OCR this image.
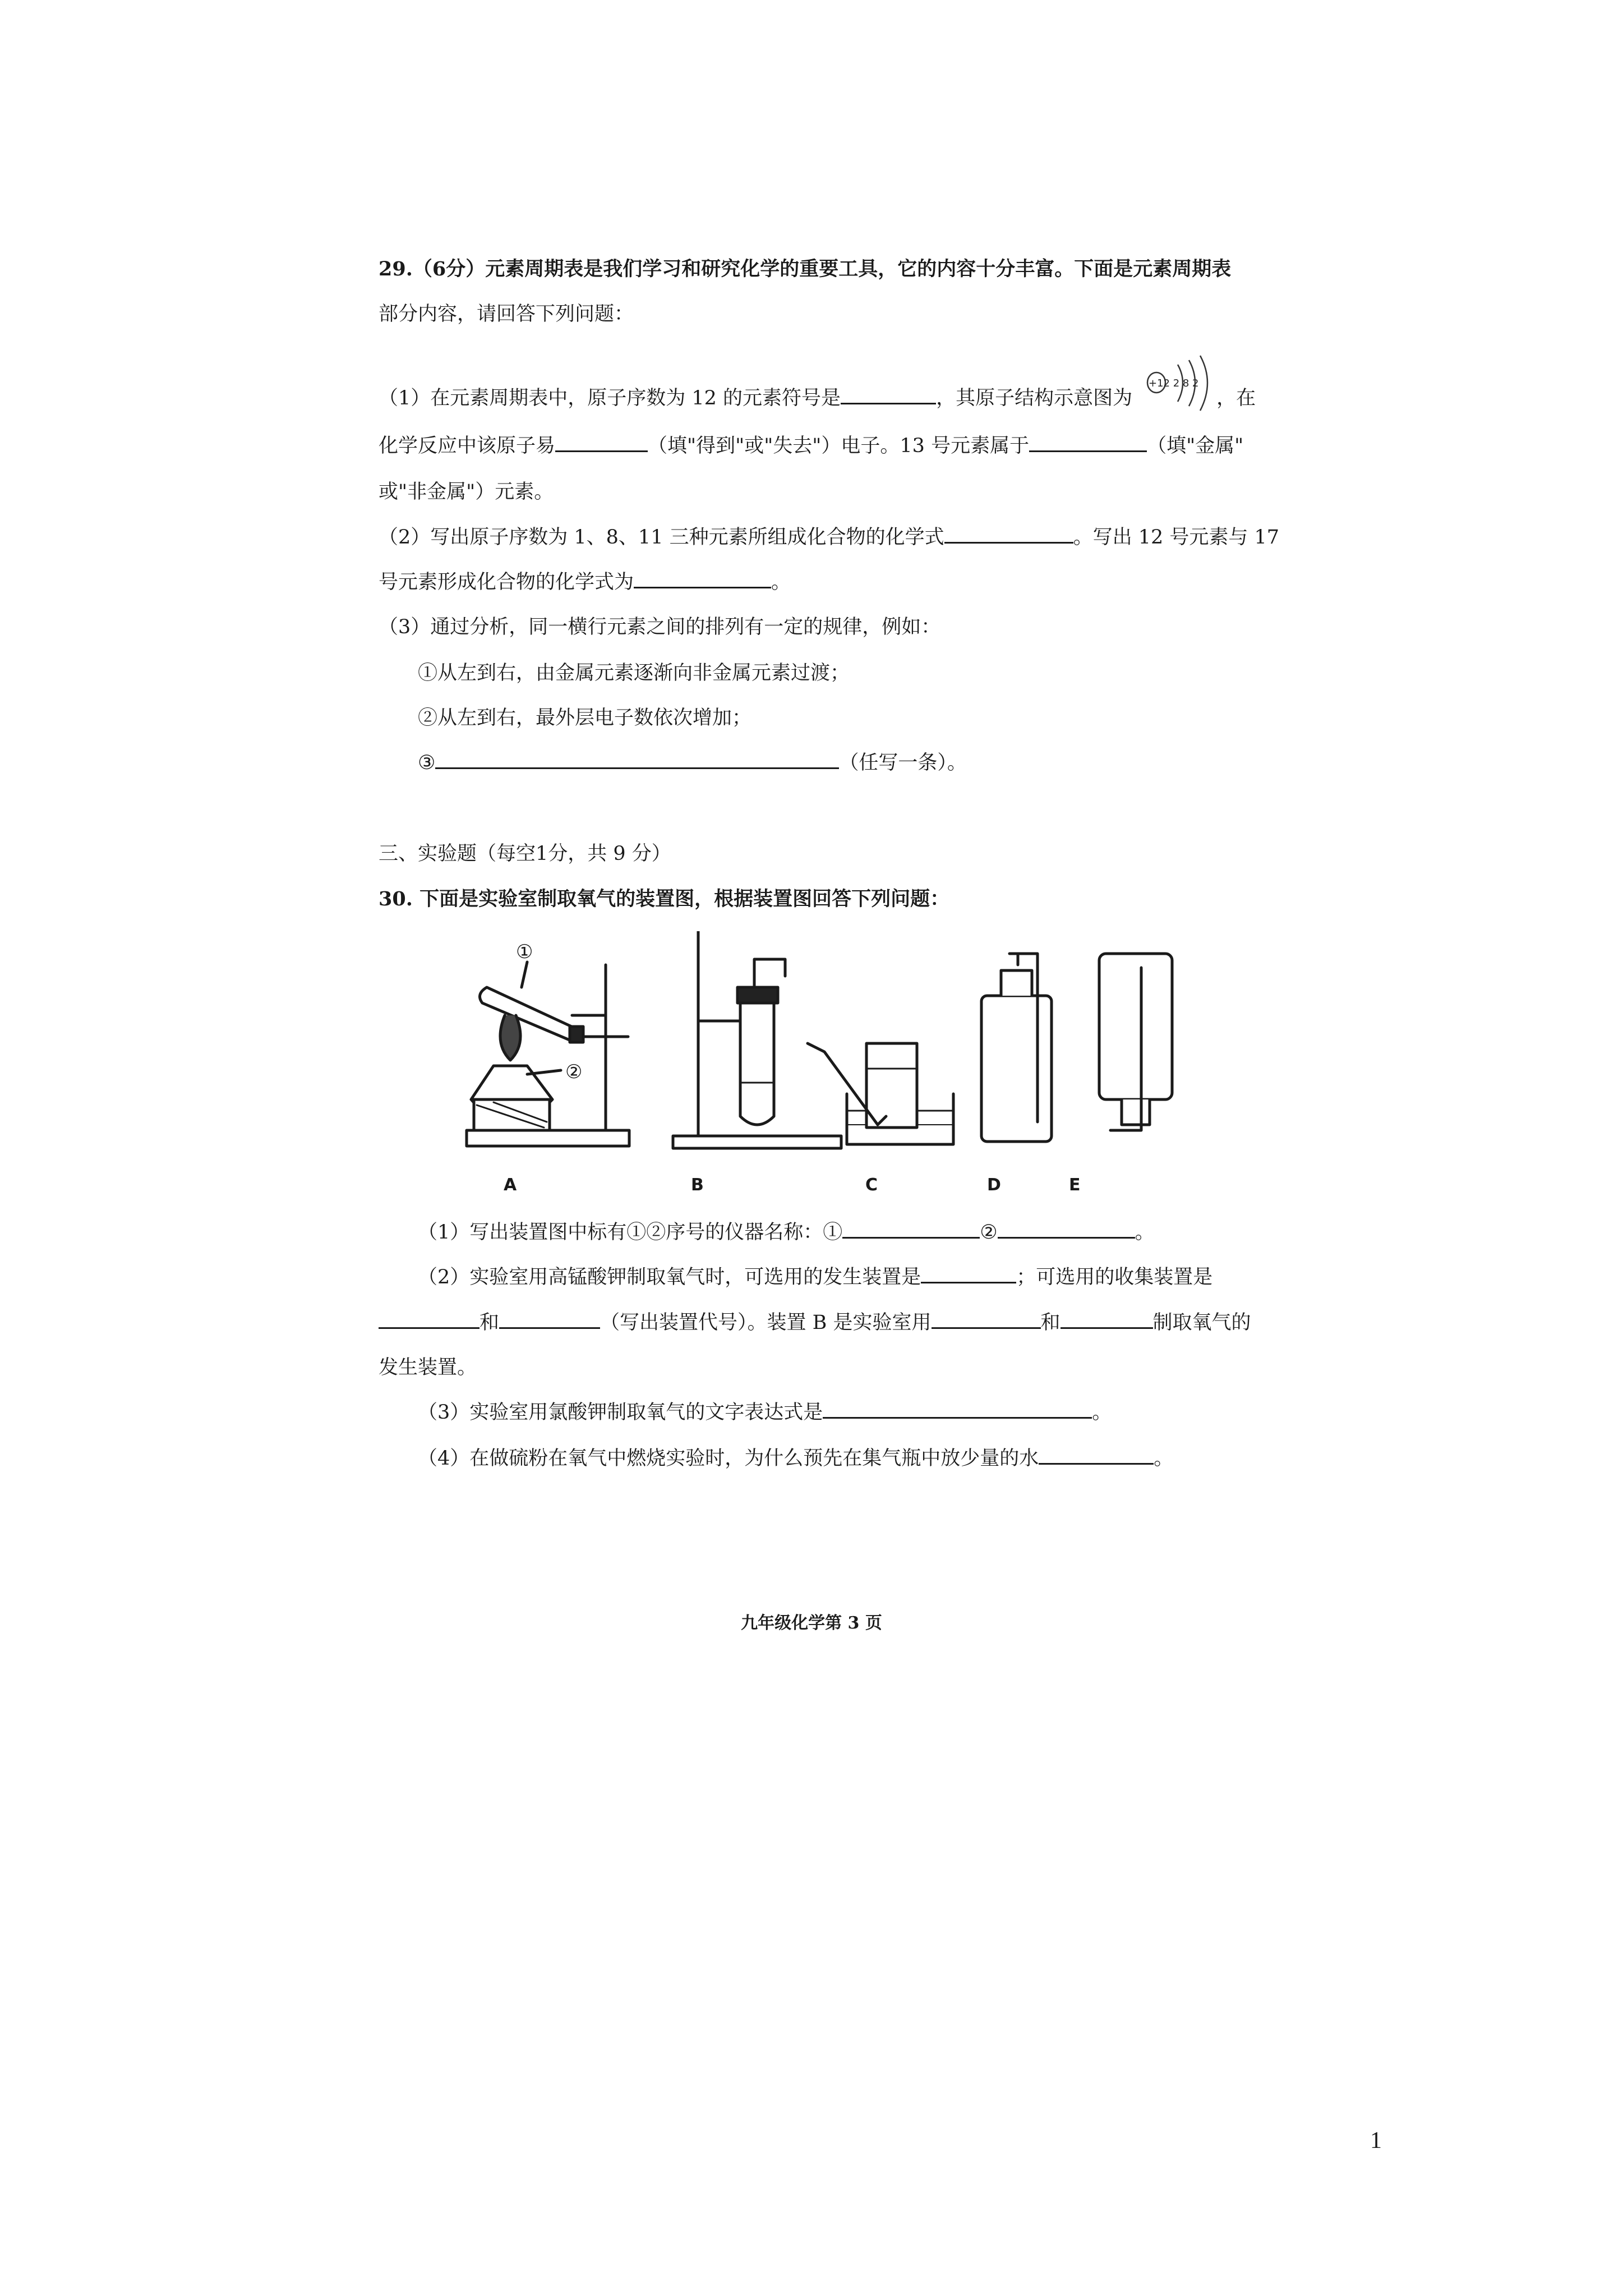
29.（6分）元素周期表是我们学习和研究化学的重要工具，它的内容十分丰富。下面是元素周期表
部分内容，请回答下列问题：
（1）在元素周期表中，原子序数为 12 的元素符号是	，其原子结构示意图为	，在
+12 2 8 2
化学反应中该原子易	（填"得到"或"失去"）电子。13 号元素属于	（填"金属"
或"非金属"）元素。
（2）写出原子序数为 1、8、11 三种元素所组成化合物的化学式	。写出 12 号元素与 17
号元素形成化合物的化学式为	。
（3）通过分析，同一横行元素之间的排列有一定的规律，例如：
①从左到右，由金属元素逐渐向非金属元素过渡；
②从左到右，最外层电子数依次增加；
③	（任写一条）。
三、实验题（每空1分，共 9 分）
30. 下面是实验室制取氧气的装置图，根据装置图回答下列问题：
①
②
A	B	C	D	E
（1）写出装置图中标有①②序号的仪器名称：①	②	。
（2）实验室用高锰酸钾制取氧气时，可选用的发生装置是	；可选用的收集装置是
和	（写出装置代号）。装置 B 是实验室用	和	制取氧气的
发生装置。
（3）实验室用氯酸钾制取氧气的文字表达式是	。
（4）在做硫粉在氧气中燃烧实验时，为什么预先在集气瓶中放少量的水	。
九年级化学第 3 页
1
